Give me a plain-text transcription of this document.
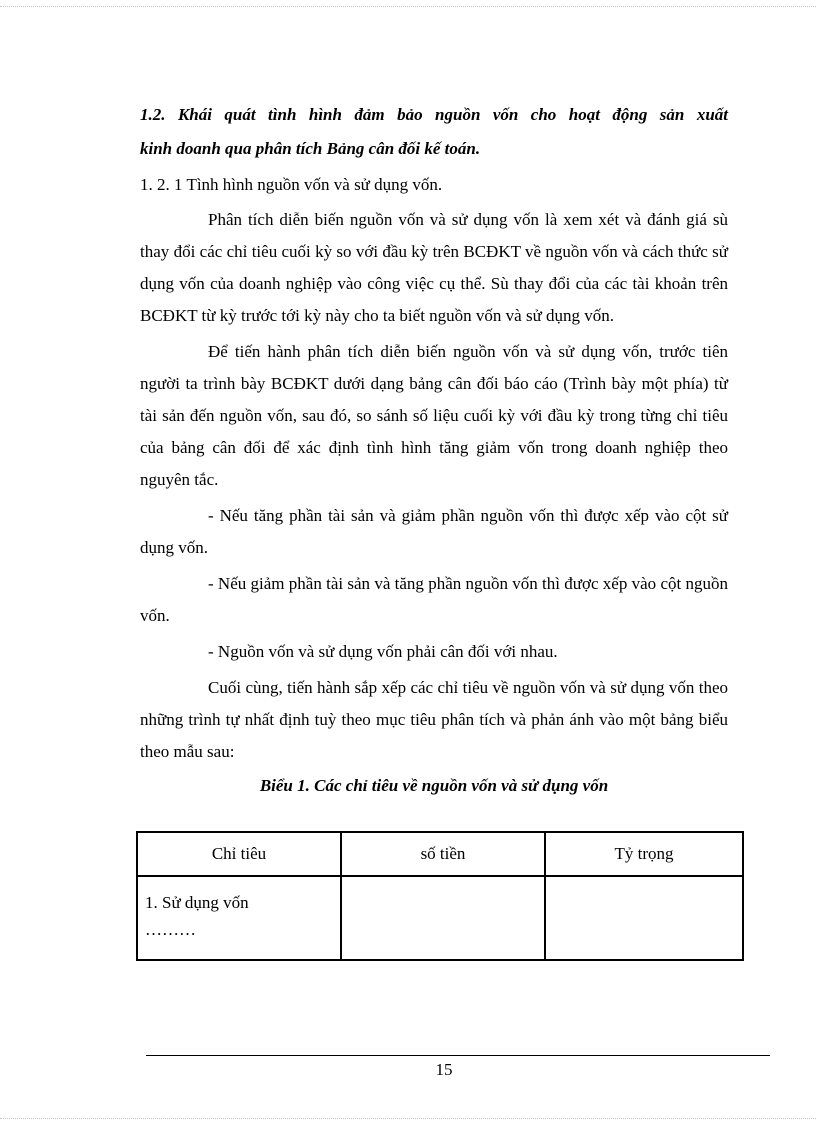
1.2. Khái quát tình hình đảm bảo nguồn vốn cho hoạt động sản xuất
kinh doanh qua phân tích Bảng cân đối kế toán.

1. 2. 1 Tình hình nguồn vốn và sử dụng vốn.

Phân tích diễn biến nguồn vốn và sử dụng vốn là xem xét và đánh giá sù thay đổi các chỉ tiêu cuối kỳ so với đầu kỳ trên BCĐKT về nguồn vốn và cách thức sử dụng vốn của doanh nghiệp vào công việc cụ thể. Sù thay đổi của các tài khoản trên BCĐKT từ kỳ trước tới kỳ này cho ta biết nguồn vốn và sử dụng vốn.

Để tiến hành phân tích diễn biến nguồn vốn và sử dụng vốn, trước tiên người ta trình bày BCĐKT dưới dạng bảng cân đối báo cáo (Trình bày một phía) từ tài sản đến nguồn vốn, sau đó, so sánh số liệu cuối kỳ với đầu kỳ trong từng chỉ tiêu của bảng cân đối để xác định tình hình tăng giảm vốn trong doanh nghiệp theo nguyên tắc.

- Nếu tăng phần tài sản và giảm phần nguồn vốn thì được xếp vào cột sử dụng vốn.

- Nếu giảm phần tài sản và tăng phần nguồn vốn thì được xếp vào cột nguồn vốn.

- Nguồn vốn và sử dụng vốn phải cân đối với nhau.

Cuối cùng, tiến hành sắp xếp các chỉ tiêu về nguồn vốn và sử dụng vốn theo những trình tự nhất định tuỳ theo mục tiêu phân tích và phản ánh vào một bảng biểu theo mẫu sau:

Biểu 1. Các chỉ tiêu về nguồn vốn và sử dụng vốn

Chỉ tiêu	số tiền	Tỷ trọng

1. Sử dụng vốn
………		

15
